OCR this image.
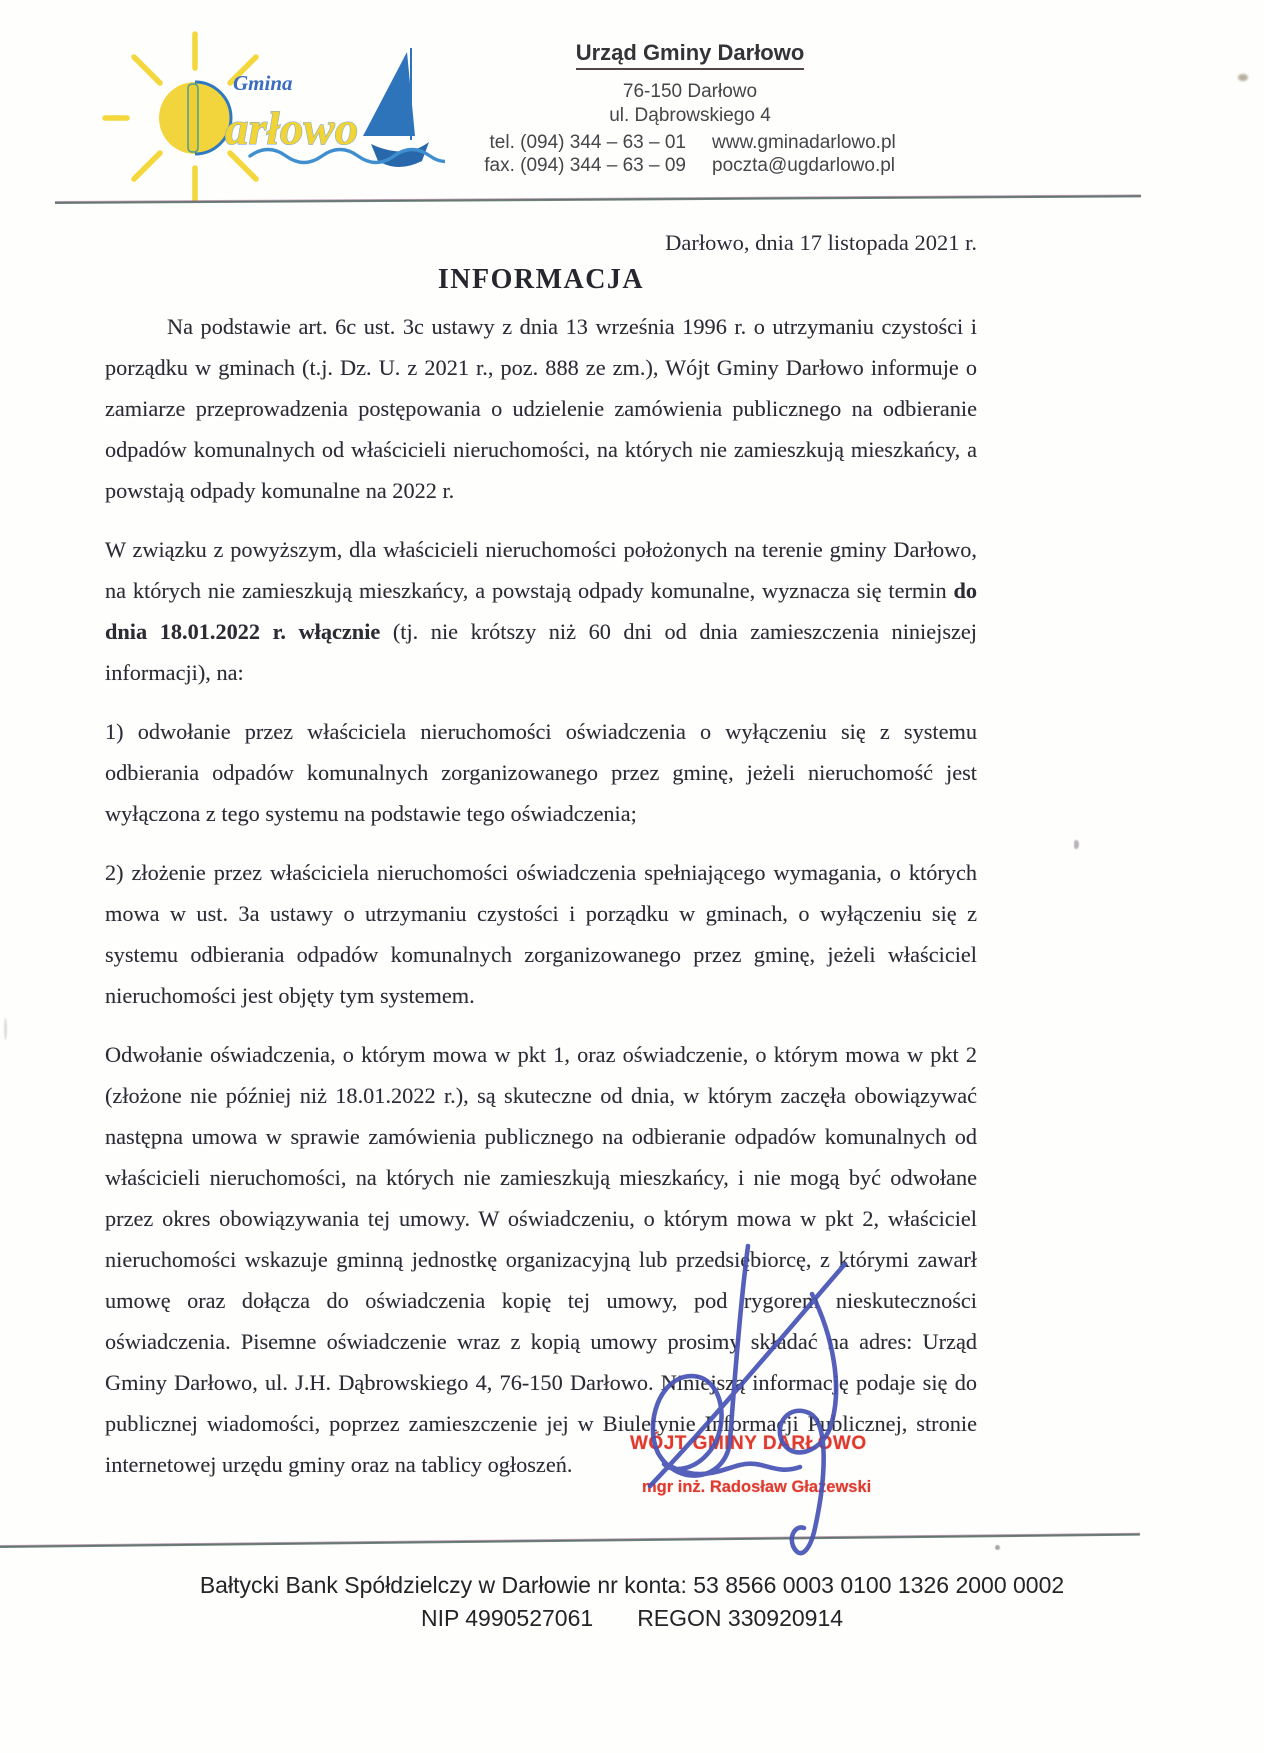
Gmina
arłowo
Urząd Gminy Darłowo
76-150 Darłowo
ul. Dąbrowskiego 4
tel. (094) 344 – 63 – 01 www.gminadarlowo.pl
fax. (094) 344 – 63 – 09 poczta@ugdarlowo.pl
Darłowo, dnia 17 listopada 2021 r.
INFORMACJA

Na podstawie art. 6c ust. 3c ustawy z dnia 13 września 1996 r. o utrzymaniu czystości i porządku w gminach (t.j. Dz. U. z 2021 r., poz. 888 ze zm.), Wójt Gminy Darłowo informuje o zamiarze przeprowadzenia postępowania o udzielenie zamówienia publicznego na odbieranie odpadów komunalnych od właścicieli nieruchomości, na których nie zamieszkują mieszkańcy, a powstają odpady komunalne na 2022 r.

W związku z powyższym, dla właścicieli nieruchomości położonych na terenie gminy Darłowo, na których nie zamieszkują mieszkańcy, a powstają odpady komunalne, wyznacza się termin do dnia 18.01.2022 r. włącznie (tj. nie krótszy niż 60 dni od dnia zamieszczenia niniejszej informacji), na:

1) odwołanie przez właściciela nieruchomości oświadczenia o wyłączeniu się z systemu odbierania odpadów komunalnych zorganizowanego przez gminę, jeżeli nieruchomość jest wyłączona z tego systemu na podstawie tego oświadczenia;

2) złożenie przez właściciela nieruchomości oświadczenia spełniającego wymagania, o których mowa w ust. 3a ustawy o utrzymaniu czystości i porządku w gminach, o wyłączeniu się z systemu odbierania odpadów komunalnych zorganizowanego przez gminę, jeżeli właściciel nieruchomości jest objęty tym systemem.

Odwołanie oświadczenia, o którym mowa w pkt 1, oraz oświadczenie, o którym mowa w pkt 2 (złożone nie później niż 18.01.2022 r.), są skuteczne od dnia, w którym zaczęła obowiązywać następna umowa w sprawie zamówienia publicznego na odbieranie odpadów komunalnych od właścicieli nieruchomości, na których nie zamieszkują mieszkańcy, i nie mogą być odwołane przez okres obowiązywania tej umowy. W oświadczeniu, o którym mowa w pkt 2, właściciel nieruchomości wskazuje gminną jednostkę organizacyjną lub przedsiębiorcę, z którymi zawarł umowę oraz dołącza do oświadczenia kopię tej umowy, pod rygorem nieskuteczności oświadczenia. Pisemne oświadczenie wraz z kopią umowy prosimy składać na adres: Urząd Gminy Darłowo, ul. J.H. Dąbrowskiego 4, 76-150 Darłowo. Niniejszą informację podaje się do publicznej wiadomości, poprzez zamieszczenie jej w Biuletynie Informacji Publicznej, stronie internetowej urzędu gminy oraz na tablicy ogłoszeń.

WÓJT GMINY DARŁOWO
mgr inż. Radosław Głażewski
Bałtycki Bank Spółdzielczy w Darłowie nr konta: 53 8566 0003 0100 1326 2000 0002
NIP 4990527061 REGON 330920914
